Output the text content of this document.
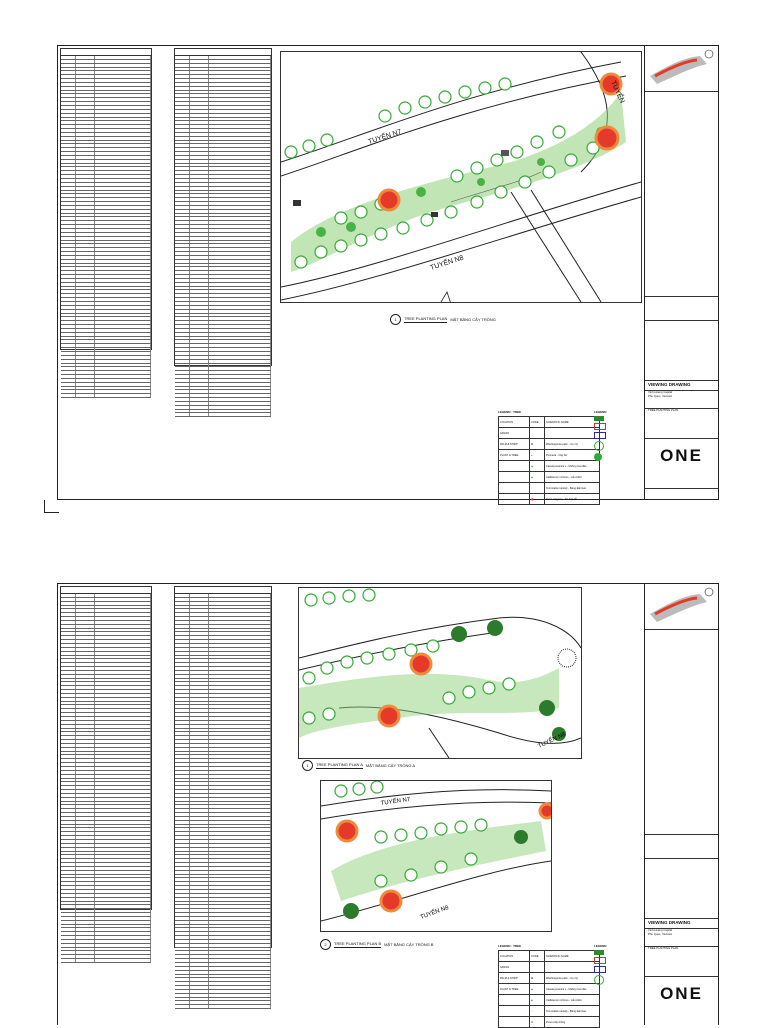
TUYẾN N7
TUYẾN N8
TUYẾN
1	TREE PLANTING PLAN MẶT BẰNG CÂY TRỒNG
LEGEND : TREE
LOCATION	CODE	SCIENTIFIC NAME
GRASS		
PALM & STRIP	✱	Washingtonia palm - Cọ mỹ
PLANT & TREE	●	Plumeria - Cây Sứ
	◉	Cassia javanica L - Muồng hoa đào
	◆	Callistemon citrinus - Liễu kiếm
	○	Terminalia mantaly - Bàng Đài loan
	⬤	Ficus religiosa - Đa búp đỏ
LEGEND

VIEWING DRAWING
Vinh Hoang Capital
Phu Quoc, Vietnam
TREE PLANTING PLAN
ONE

TUYẾN N8
1	TREE PLANTING PLAN A MẶT BẰNG CÂY TRỒNG A
TUYẾN N7
TUYẾN N8
2	TREE PLANTING PLAN B MẶT BẰNG CÂY TRỒNG B	LEGEND : TREE
LOCATION	CODE	SCIENTIFIC NAME
GRASS		
PALM & STRIP	✱	Washingtonia palm - Cọ mỹ
PLANT & TREE	◉	Cassia javanica L - Muồng hoa đào
	◆	Callistemon citrinus - Liễu kiếm
	○	Terminalia mantaly - Bàng Đài loan
	✱	Pinus-Cây thông
LEGEND
VIEWING DRAWING
Vinh Hoang Capital
Phu Quoc, Vietnam
TREE PLANTING PLAN
ONE
